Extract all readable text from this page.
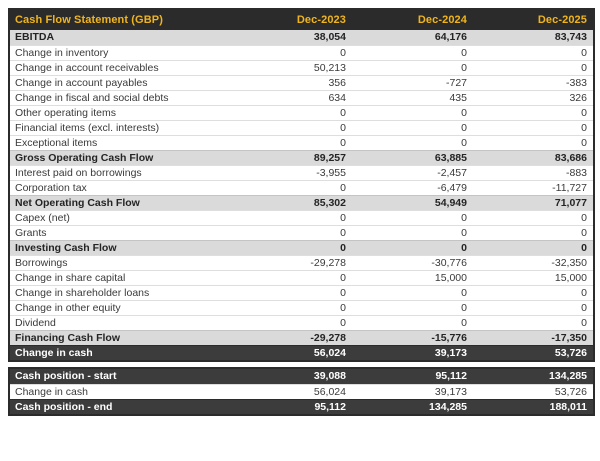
Cash Flow Statement (GBP)	Dec-2023	Dec-2024	Dec-2025
EBITDA	38,054	64,176	83,743
Change in inventory	0	0	0
Change in account receivables	50,213	0	0
Change in account payables	356	-727	-383
Change in fiscal and social debts	634	435	326
Other operating items	0	0	0
Financial items (excl. interests)	0	0	0
Exceptional items	0	0	0
Gross Operating Cash Flow	89,257	63,885	83,686
Interest paid on borrowings	-3,955	-2,457	-883
Corporation tax	0	-6,479	-11,727
Net Operating Cash Flow	85,302	54,949	71,077
Capex (net)	0	0	0
Grants	0	0	0
Investing Cash Flow	0	0	0
Borrowings	-29,278	-30,776	-32,350
Change in share capital	0	15,000	15,000
Change in shareholder loans	0	0	0
Change in other equity	0	0	0
Dividend	0	0	0
Financing Cash Flow	-29,278	-15,776	-17,350
Change in cash	56,024	39,173	53,726
Cash position - start	39,088	95,112	134,285
Change in cash	56,024	39,173	53,726
Cash position - end	95,112	134,285	188,011
